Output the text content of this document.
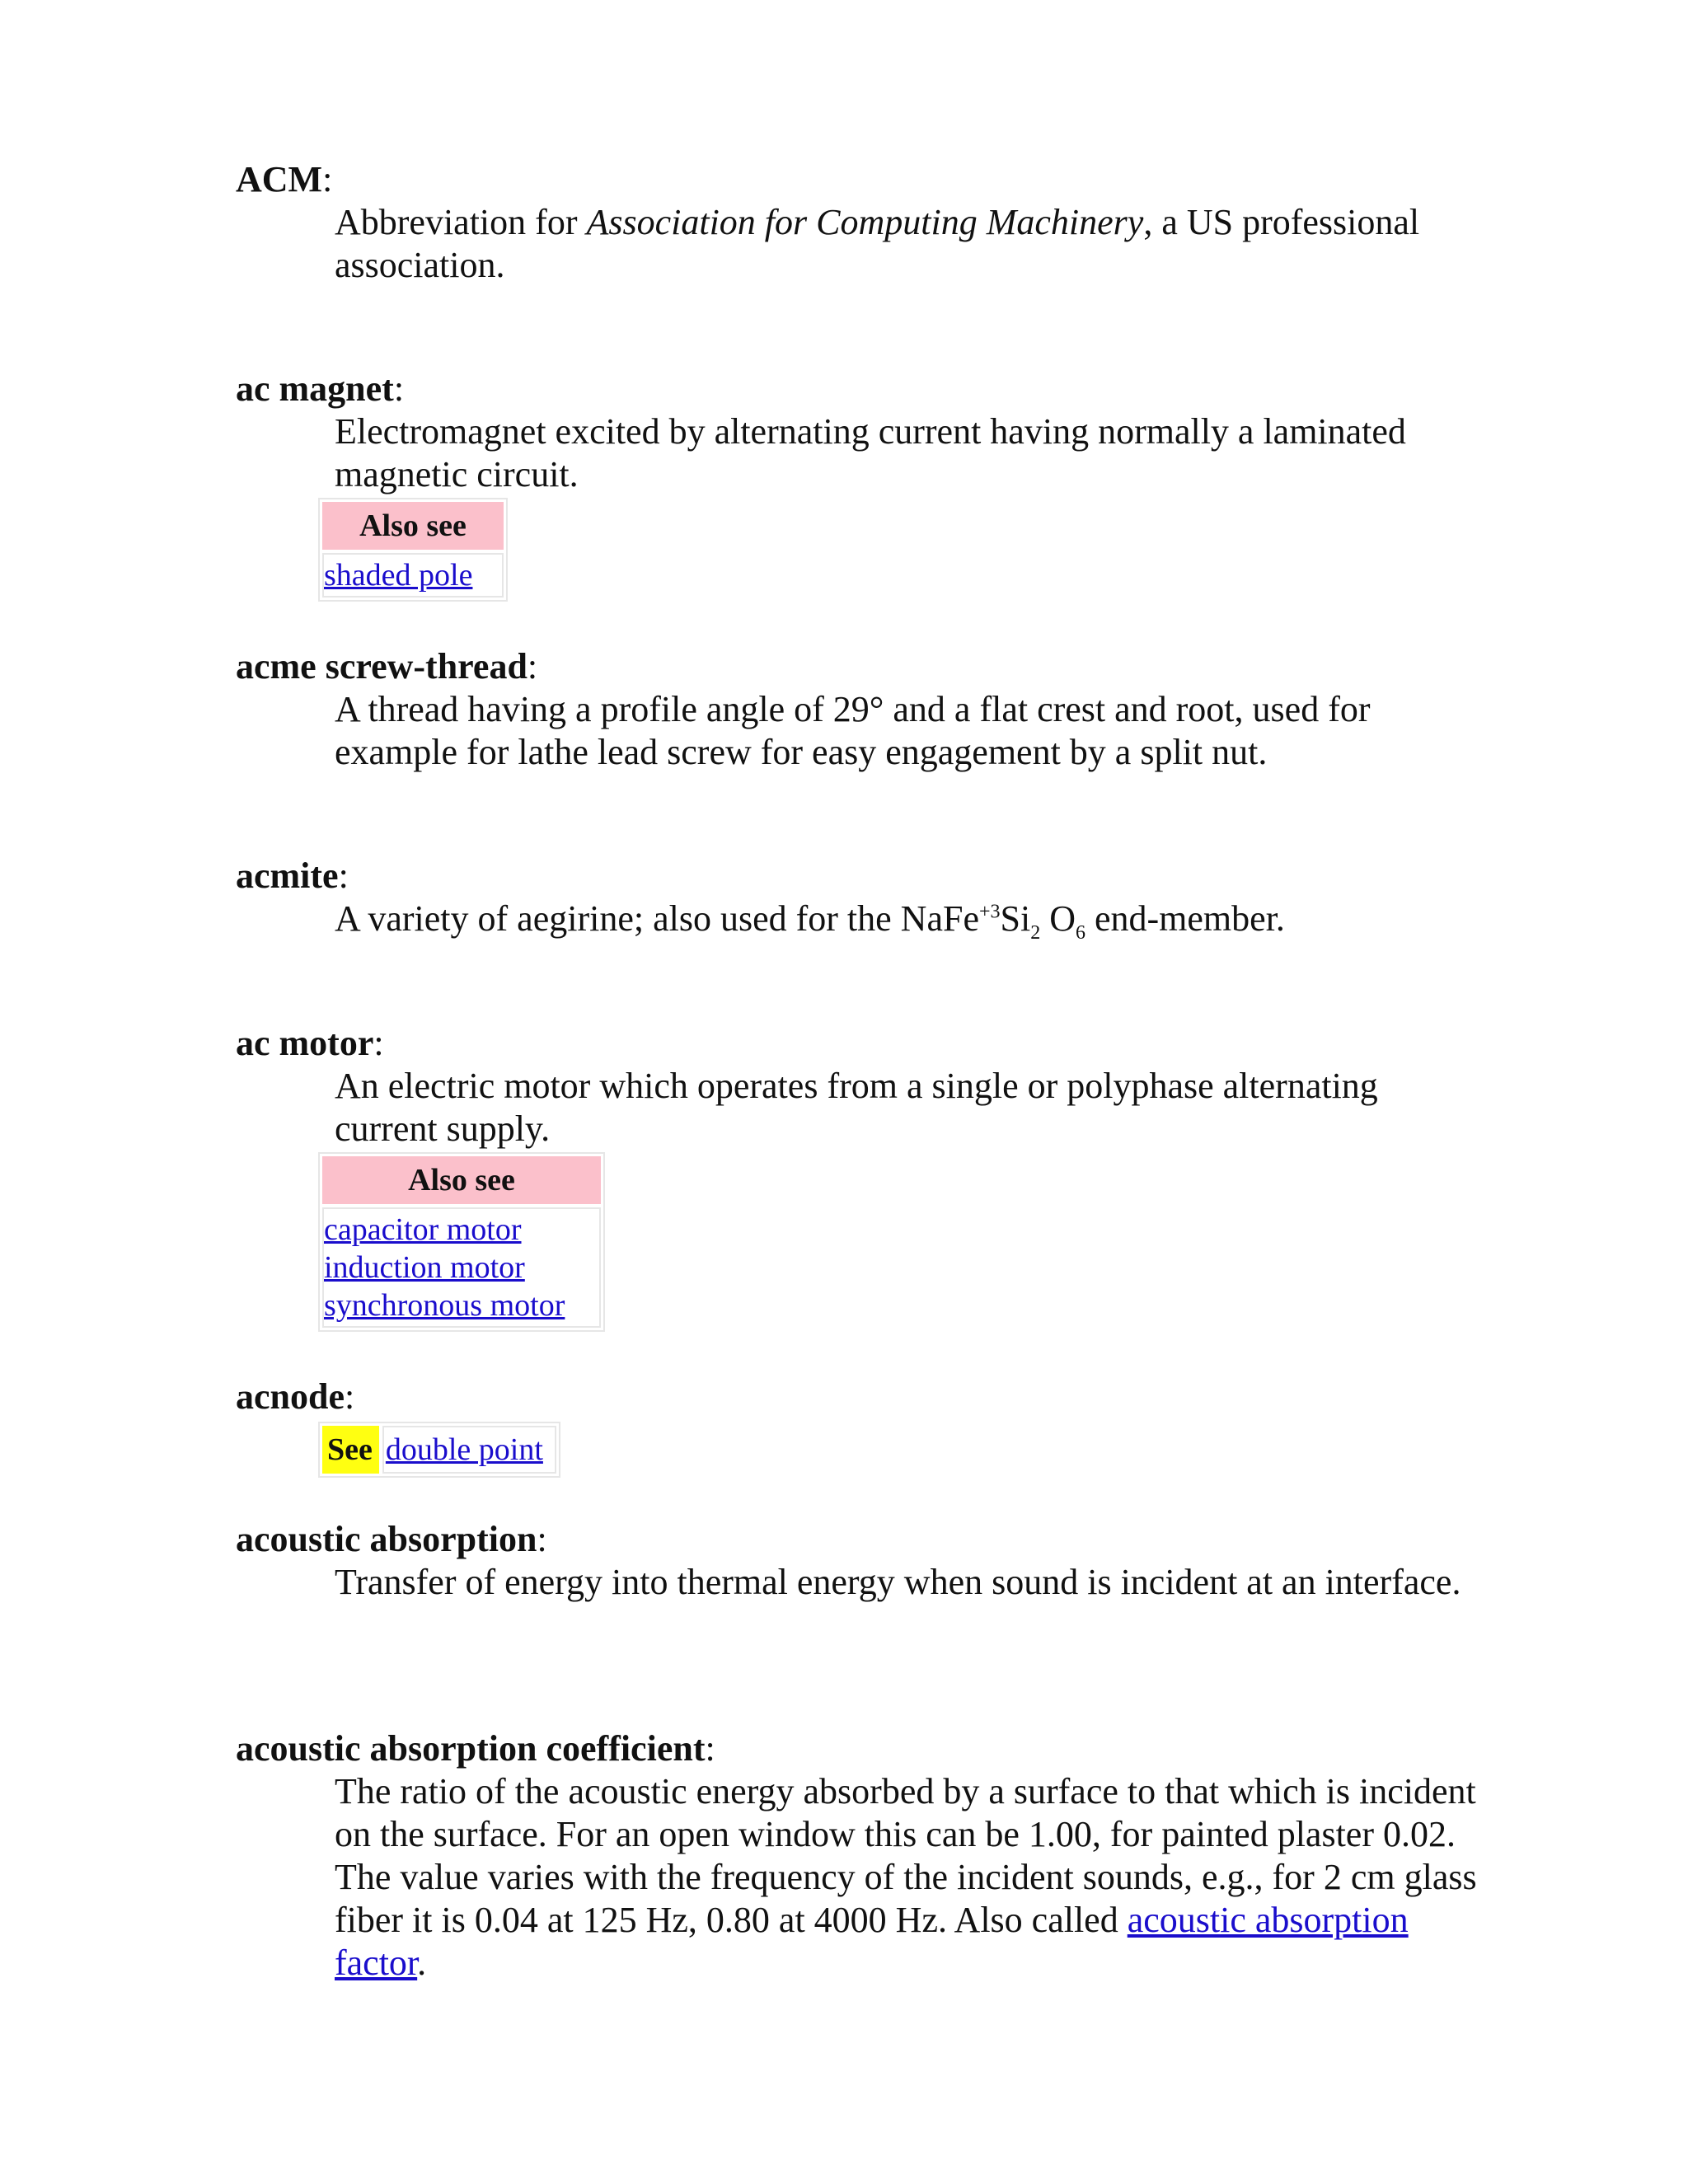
ACM:
Abbreviation for Association for Computing Machinery, a US professional association.
ac magnet:
Electromagnet excited by alternating current having normally a laminated magnetic circuit.
Also see
shaded pole
acme screw-thread:
A thread having a profile angle of 29° and a flat crest and root, used for example for lathe lead screw for easy engagement by a split nut.
acmite:
A variety of aegirine; also used for the $NaFe^{+3}Si_2$ $O_6$ end-member.
ac motor:
An electric motor which operates from a single or polyphase alternating current supply.
Also see
capacitor motor
induction motor
synchronous motor
acnode:
See double point
acoustic absorption:
Transfer of energy into thermal energy when sound is incident at an interface.
acoustic absorption coefficient:
The ratio of the acoustic energy absorbed by a surface to that which is incident on the surface. For an open window this can be 1.00, for painted plaster 0.02. The value varies with the frequency of the incident sounds, e.g., for 2 cm glass fiber it is 0.04 at 125 Hz, 0.80 at 4000 Hz. Also called acoustic absorption factor.
